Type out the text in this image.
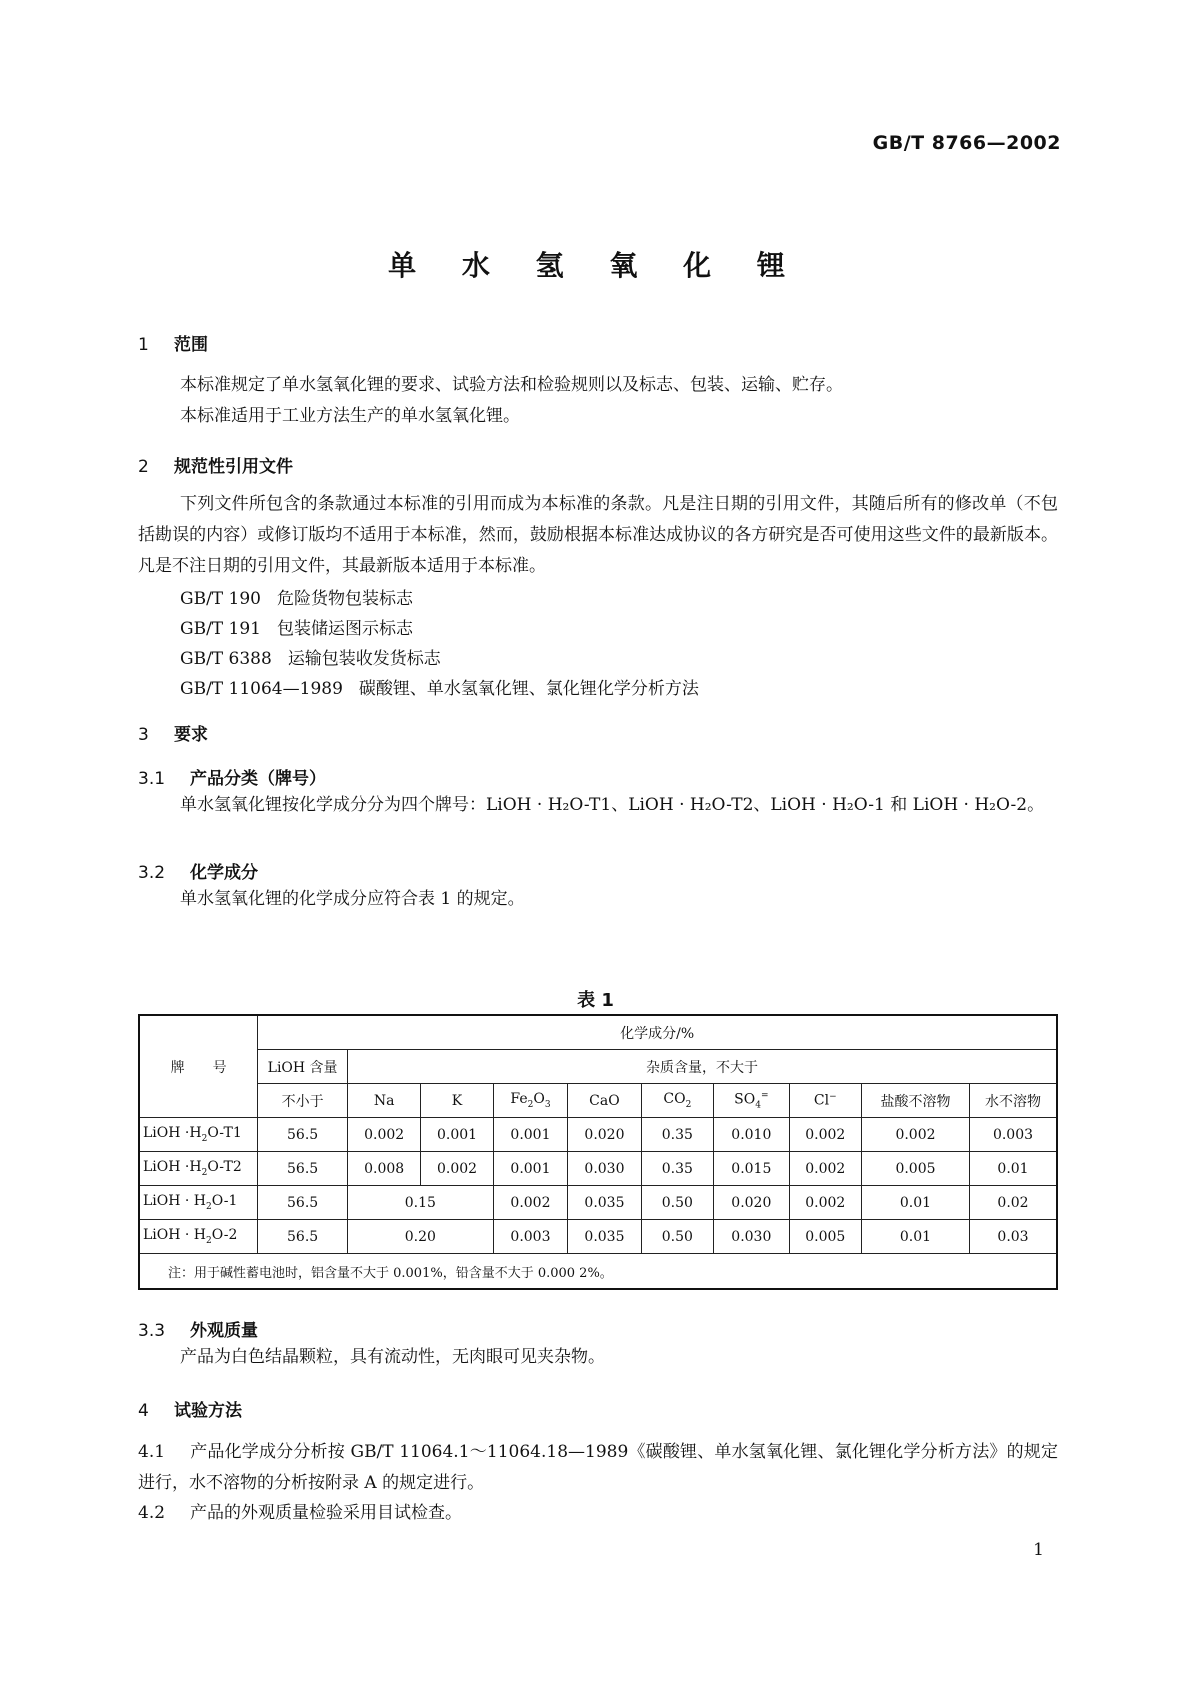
GB/T 8766—2002
单 水 氢 氧 化 锂
1 范围
本标准规定了单水氢氧化锂的要求、试验方法和检验规则以及标志、包装、运输、贮存。
本标准适用于工业方法生产的单水氢氧化锂。
2 规范性引用文件
下列文件所包含的条款通过本标准的引用而成为本标准的条款。凡是注日期的引用文件，其随后所有的修改单（不包括勘误的内容）或修订版均不适用于本标准，然而，鼓励根据本标准达成协议的各方研究是否可使用这些文件的最新版本。凡是不注日期的引用文件，其最新版本适用于本标准。
GB/T 190 危险货物包装标志
GB/T 191 包装储运图示标志
GB/T 6388 运输包装收发货标志
GB/T 11064—1989 碳酸锂、单水氢氧化锂、氯化锂化学分析方法
3 要求
3.1 产品分类（牌号）
单水氢氧化锂按化学成分分为四个牌号：LiOH · H₂O-T1、LiOH · H₂O-T2、LiOH · H₂O-1 和 LiOH · H₂O-2。
3.2 化学成分
单水氢氧化锂的化学成分应符合表 1 的规定。
表 1
牌　　号	化学成分/%									
	LiOH 含量	杂质含量，不大于								
	不小于	Na	K	$Fe_2O_3$	CaO	$CO_2$	$SO_4^=$	Cl−	盐酸不溶物	水不溶物
LiOH $\cdot H_2O-T1$	56.5	0.002	0.001	0.001	0.020	0.35	0.010	0.002	0.002	0.003
LiOH $\cdot H_2O-T2$	56.5	0.008	0.002	0.001	0.030	0.35	0.015	0.002	0.005	0.01
LiOH · $H_2O-1$	56.5	0.15		0.002	0.035	0.50	0.020	0.002	0.01	0.02
LiOH · $H_2O-2$	56.5	0.20		0.003	0.035	0.50	0.030	0.005	0.01	0.03
注：用于碱性蓄电池时，铝含量不大于 0.001%，铅含量不大于 0.000 2%。										
3.3 外观质量
产品为白色结晶颗粒，具有流动性，无肉眼可见夹杂物。
4 试验方法
4.1 产品化学成分分析按 GB/T 11064.1～11064.18—1989《碳酸锂、单水氢氧化锂、氯化锂化学分析方法》的规定进行，水不溶物的分析按附录 A 的规定进行。
4.2 产品的外观质量检验采用目试检查。
1
